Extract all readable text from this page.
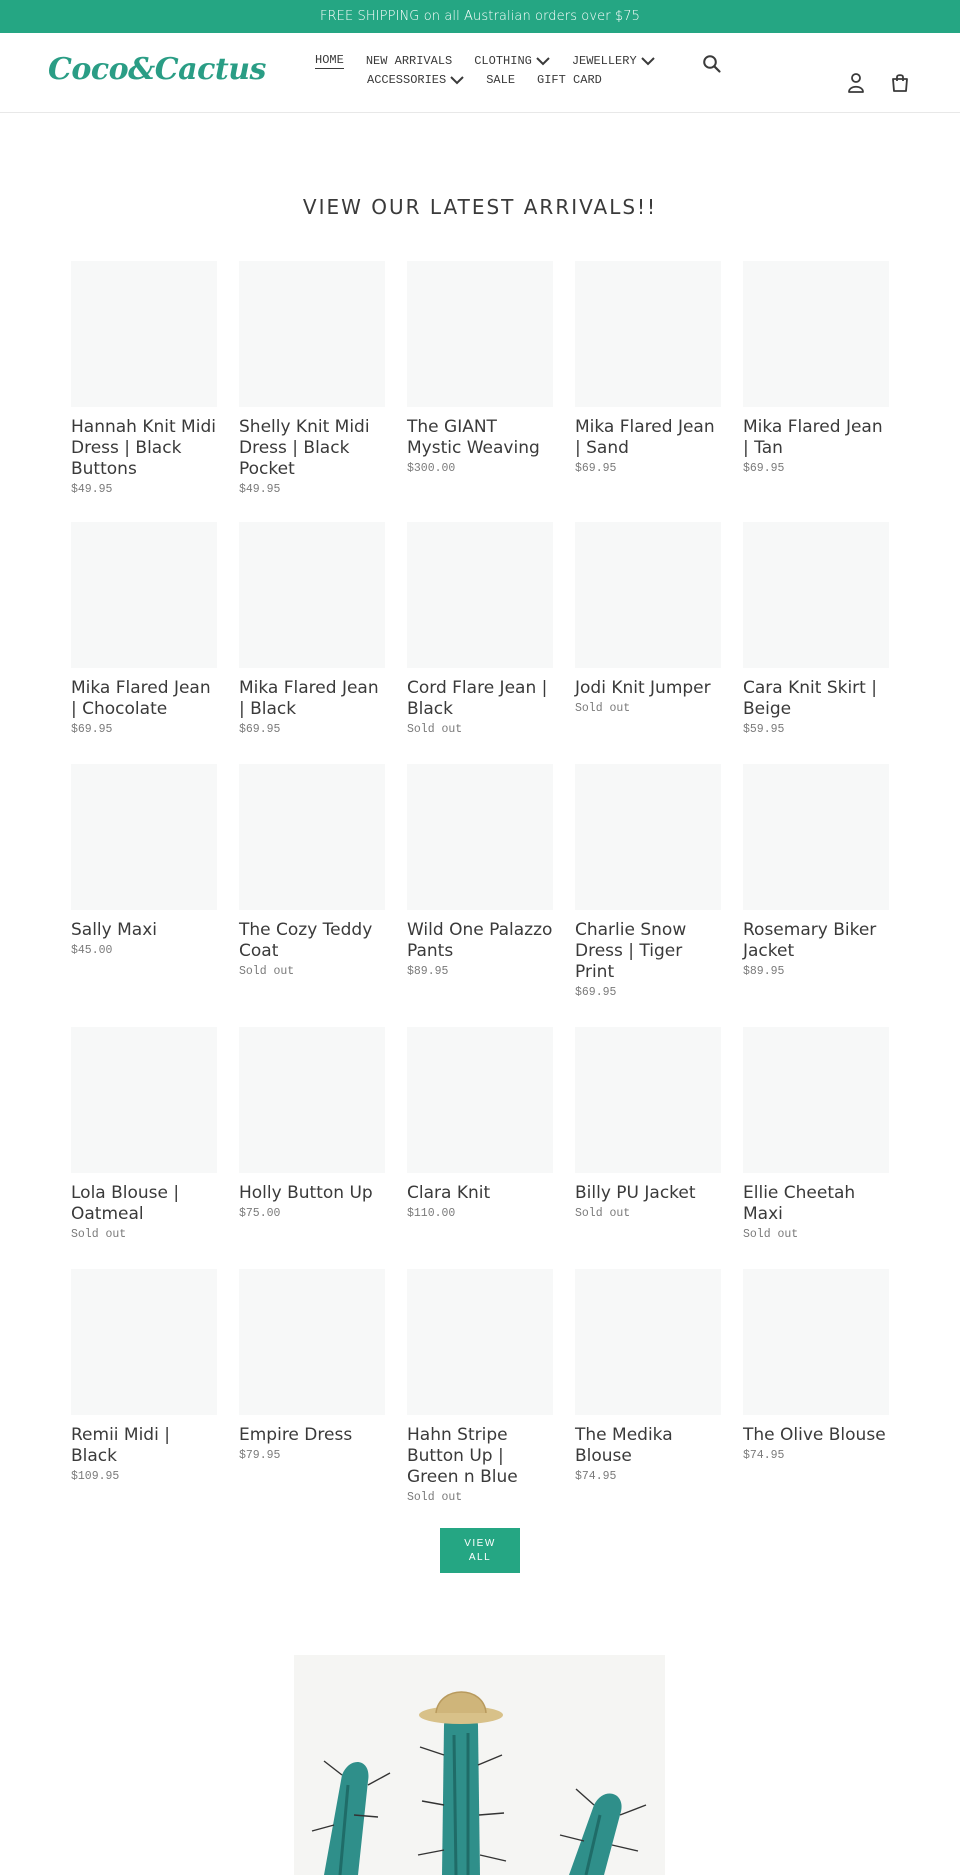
FREE SHIPPING on all Australian orders over $75
Coco&Cactus	HOME NEW ARRIVALS CLOTHING	JEWELLERY
ACCESSORIES	SALE GIFT CARD
VIEW OUR LATEST ARRIVALS!!
Hannah Knit Midi Dress | Black Buttons
$49.95
Shelly Knit Midi Dress | Black Pocket
$49.95
The GIANT Mystic Weaving
$300.00
Mika Flared Jean | Sand
$69.95
Mika Flared Jean | Tan
$69.95
Mika Flared Jean | Chocolate
$69.95
Mika Flared Jean | Black
$69.95
Cord Flare Jean | Black
Sold out
Jodi Knit Jumper
Sold out
Cara Knit Skirt | Beige
$59.95
Sally Maxi
$45.00
The Cozy Teddy Coat
Sold out
Wild One Palazzo Pants
$89.95
Charlie Snow Dress | Tiger Print
$69.95
Rosemary Biker Jacket
$89.95
Lola Blouse | Oatmeal
Sold out
Holly Button Up
$75.00
Clara Knit
$110.00
Billy PU Jacket
Sold out
Ellie Cheetah Maxi
Sold out
Remii Midi | Black
$109.95
Empire Dress
$79.95
Hahn Stripe Button Up | Green n Blue
Sold out
The Medika Blouse
$74.95
The Olive Blouse
$74.95
VIEW ALL
